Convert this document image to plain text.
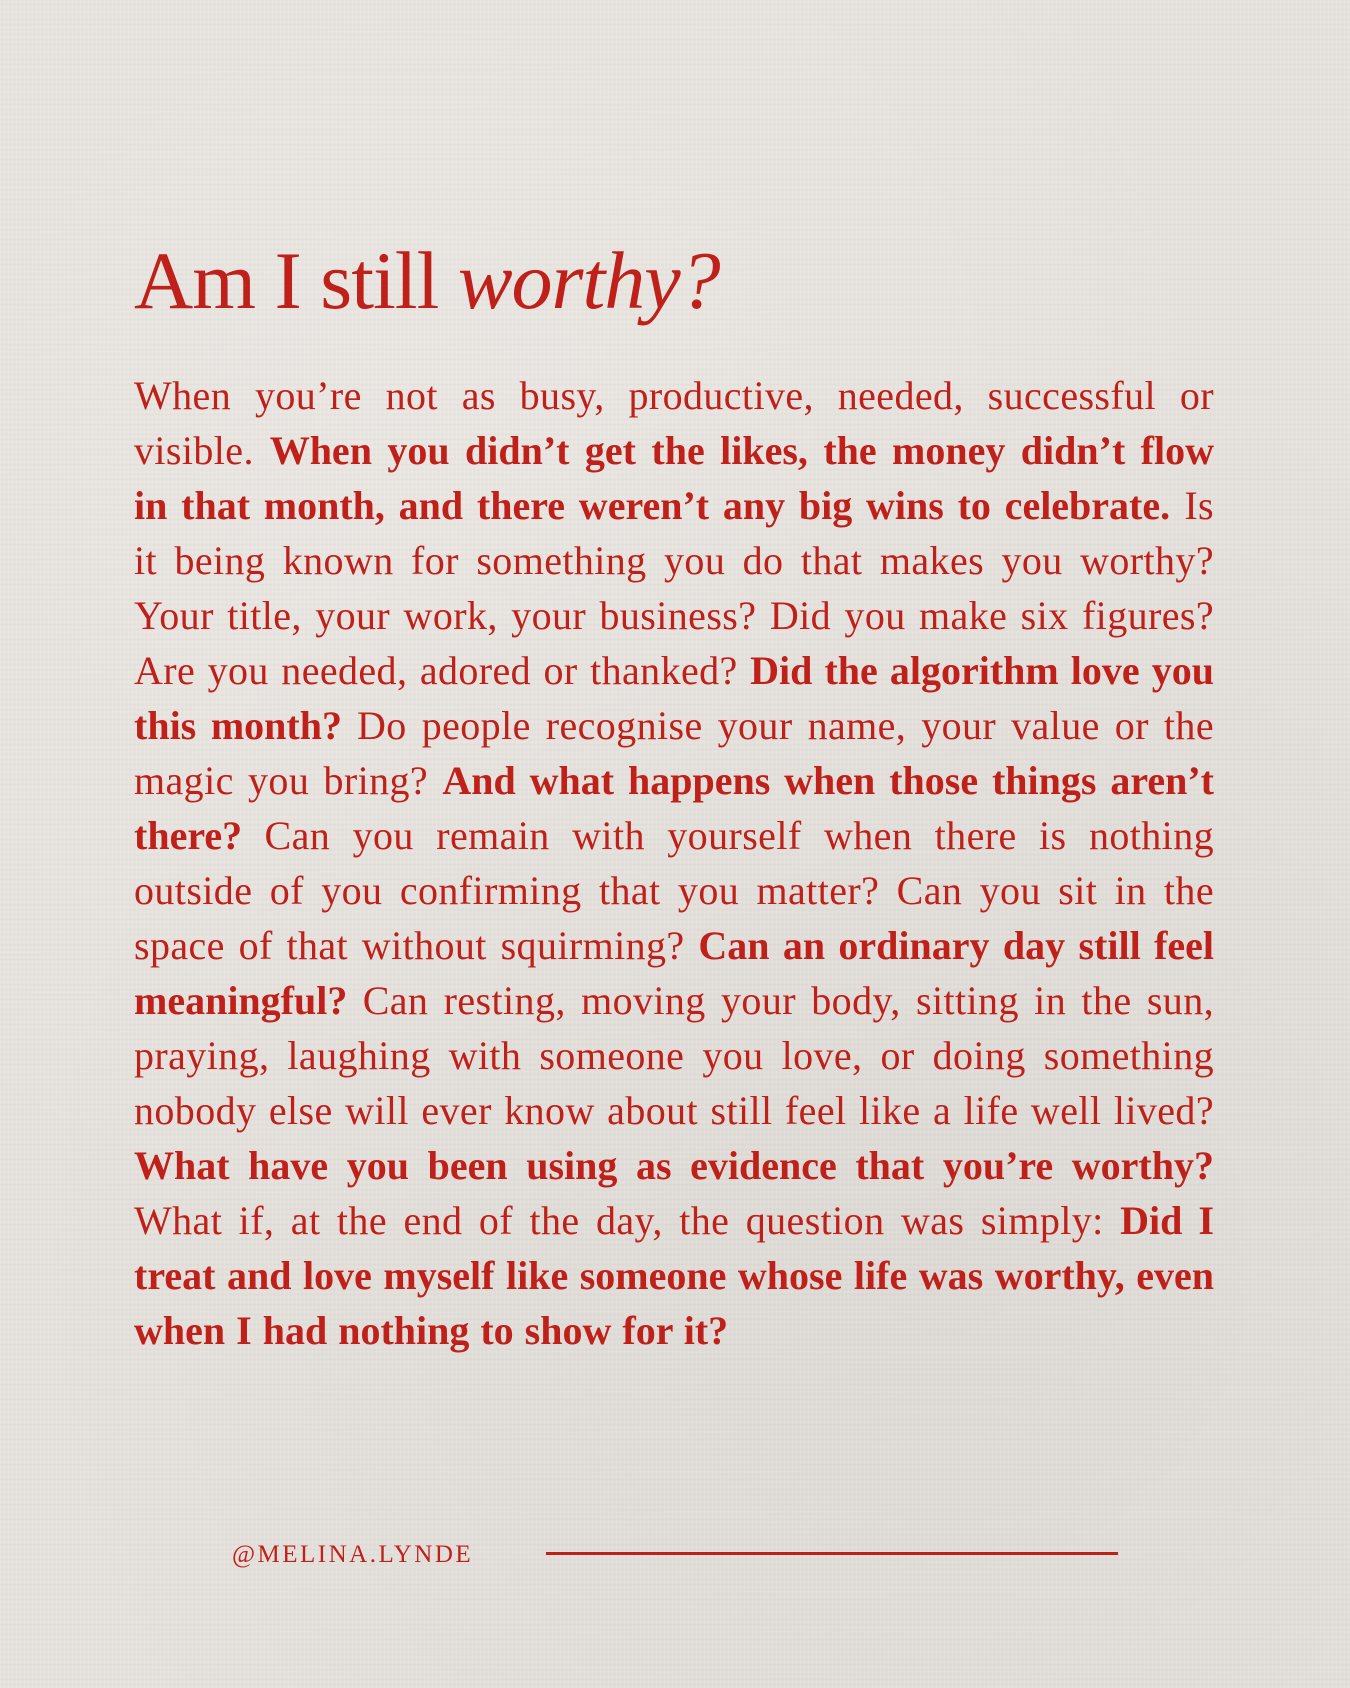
Am I still worthy?

When you’re not as busy, productive, needed, successful or visible. When you didn’t get the likes, the money didn’t flow in that month, and there weren’t any big wins to celebrate. Is it being known for something you do that makes you worthy? Your title, your work, your business? Did you make six figures? Are you needed, adored or thanked? Did the algorithm love you this month? Do people recognise your name, your value or the magic you bring? And what happens when those things aren’t there? Can you remain with yourself when there is nothing outside of you confirming that you matter? Can you sit in the space of that without squirming? Can an ordinary day still feel meaningful? Can resting, moving your body, sitting in the sun, praying, laughing with someone you love, or doing something nobody else will ever know about still feel like a life well lived? What have you been using as evidence that you’re worthy? What if, at the end of the day, the question was simply: Did I treat and love myself like someone whose life was worthy, even when I had nothing to show for it?

@MELINA.LYNDE
